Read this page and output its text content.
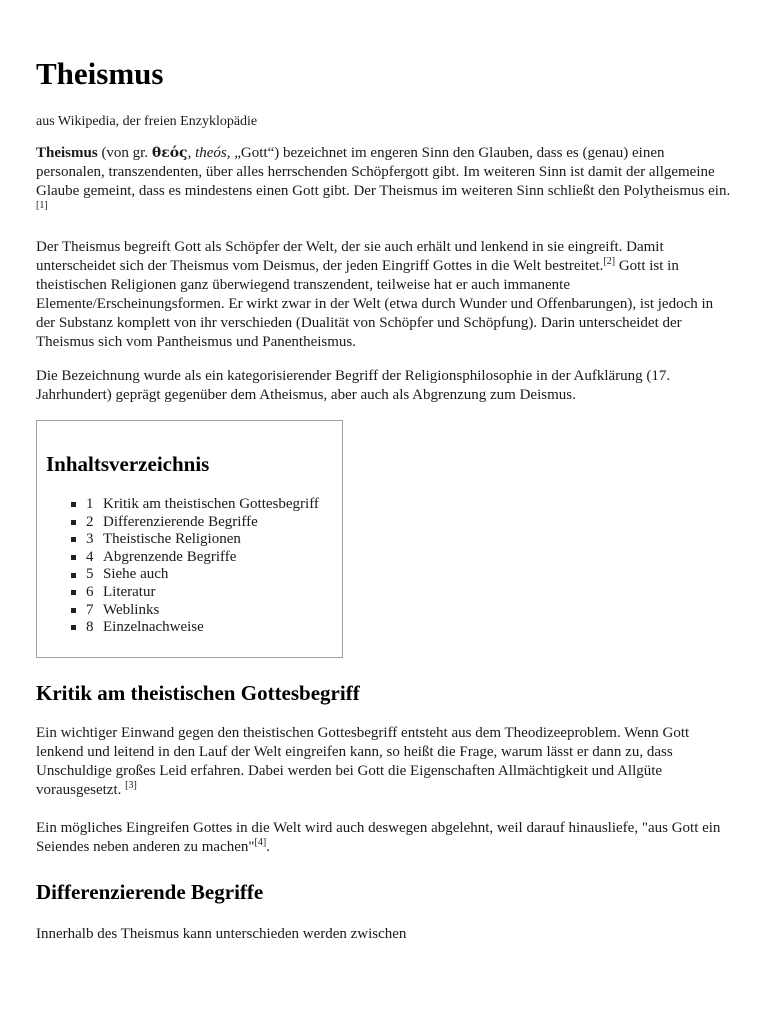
Theismus
aus Wikipedia, der freien Enzyklopädie

Theismus (von gr. θεός, theós, „Gott“) bezeichnet im engeren Sinn den Glauben, dass es (genau) einen personalen, transzendenten, über alles herrschenden Schöpfergott gibt. Im weiteren Sinn ist damit der allgemeine Glaube gemeint, dass es mindestens einen Gott gibt. Der Theismus im weiteren Sinn schließt den Polytheismus ein.[1]

Der Theismus begreift Gott als Schöpfer der Welt, der sie auch erhält und lenkend in sie eingreift. Damit unterscheidet sich der Theismus vom Deismus, der jeden Eingriff Gottes in die Welt bestreitet.[2] Gott ist in theistischen Religionen ganz überwiegend transzendent, teilweise hat er auch immanente Elemente/Erscheinungsformen. Er wirkt zwar in der Welt (etwa durch Wunder und Offenbarungen), ist jedoch in der Substanz komplett von ihr verschieden (Dualität von Schöpfer und Schöpfung). Darin unterscheidet der Theismus sich vom Pantheismus und Panentheismus.

Die Bezeichnung wurde als ein kategorisierender Begriff der Religionsphilosophie in der Aufklärung (17. Jahrhundert) geprägt gegenüber dem Atheismus, aber auch als Abgrenzung zum Deismus.

Inhaltsverzeichnis
1 Kritik am theistischen Gottesbegriff
2 Differenzierende Begriffe
3 Theistische Religionen
4 Abgrenzende Begriffe
5 Siehe auch
6 Literatur
7 Weblinks
8 Einzelnachweise
Kritik am theistischen Gottesbegriff

Ein wichtiger Einwand gegen den theistischen Gottesbegriff entsteht aus dem Theodizeeproblem. Wenn Gott lenkend und leitend in den Lauf der Welt eingreifen kann, so heißt die Frage, warum lässt er dann zu, dass Unschuldige großes Leid erfahren. Dabei werden bei Gott die Eigenschaften Allmächtigkeit und Allgüte vorausgesetzt. [3]

Ein mögliches Eingreifen Gottes in die Welt wird auch deswegen abgelehnt, weil darauf hinausliefe, "aus Gott ein Seiendes neben anderen zu machen"[4].

Differenzierende Begriffe

Innerhalb des Theismus kann unterschieden werden zwischen
